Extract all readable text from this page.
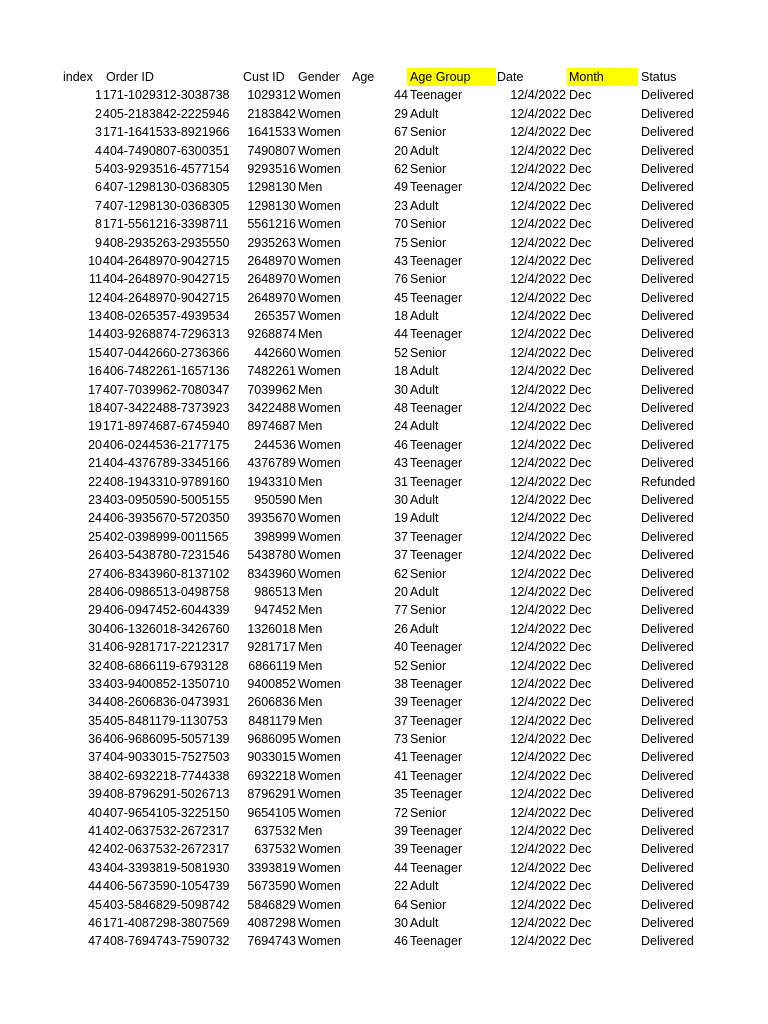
index	Order ID	Cust ID	Gender Age	Age Group	Date	Month	Status
1 171-1029312-3038738	1029312 Women	44 Teenager	12/4/2022 Dec	Delivered
2 405-2183842-2225946	2183842 Women	29 Adult	12/4/2022 Dec	Delivered
3 171-1641533-8921966	1641533 Women	67 Senior	12/4/2022 Dec	Delivered
4 404-7490807-6300351	7490807 Women	20 Adult	12/4/2022 Dec	Delivered
5 403-9293516-4577154	9293516 Women	62 Senior	12/4/2022 Dec	Delivered
6 407-1298130-0368305	1298130 Men	49 Teenager	12/4/2022 Dec	Delivered
7 407-1298130-0368305	1298130 Women	23 Adult	12/4/2022 Dec	Delivered
8 171-5561216-3398711	5561216 Women	70 Senior	12/4/2022 Dec	Delivered
9 408-2935263-2935550	2935263 Women	75 Senior	12/4/2022 Dec	Delivered
10 404-2648970-9042715	2648970 Women	43 Teenager	12/4/2022 Dec	Delivered
11 404-2648970-9042715	2648970 Women	76 Senior	12/4/2022 Dec	Delivered
12 404-2648970-9042715	2648970 Women	45 Teenager	12/4/2022 Dec	Delivered
13 408-0265357-4939534	265357 Women	18 Adult	12/4/2022 Dec	Delivered
14 403-9268874-7296313	9268874 Men	44 Teenager	12/4/2022 Dec	Delivered
15 407-0442660-2736366	442660 Women	52 Senior	12/4/2022 Dec	Delivered
16 406-7482261-1657136	7482261 Women	18 Adult	12/4/2022 Dec	Delivered
17 407-7039962-7080347	7039962 Men	30 Adult	12/4/2022 Dec	Delivered
18 407-3422488-7373923	3422488 Women	48 Teenager	12/4/2022 Dec	Delivered
19 171-8974687-6745940	8974687 Men	24 Adult	12/4/2022 Dec	Delivered
20 406-0244536-2177175	244536 Women	46 Teenager	12/4/2022 Dec	Delivered
21 404-4376789-3345166	4376789 Women	43 Teenager	12/4/2022 Dec	Delivered
22 408-1943310-9789160	1943310 Men	31 Teenager	12/4/2022 Dec	Refunded
23 403-0950590-5005155	950590 Men	30 Adult	12/4/2022 Dec	Delivered
24 406-3935670-5720350	3935670 Women	19 Adult	12/4/2022 Dec	Delivered
25 402-0398999-0011565	398999 Women	37 Teenager	12/4/2022 Dec	Delivered
26 403-5438780-7231546	5438780 Women	37 Teenager	12/4/2022 Dec	Delivered
27 406-8343960-8137102	8343960 Women	62 Senior	12/4/2022 Dec	Delivered
28 406-0986513-0498758	986513 Men	20 Adult	12/4/2022 Dec	Delivered
29 406-0947452-6044339	947452 Men	77 Senior	12/4/2022 Dec	Delivered
30 406-1326018-3426760	1326018 Men	26 Adult	12/4/2022 Dec	Delivered
31 406-9281717-2212317	9281717 Men	40 Teenager	12/4/2022 Dec	Delivered
32 408-6866119-6793128	6866119 Men	52 Senior	12/4/2022 Dec	Delivered
33 403-9400852-1350710	9400852 Women	38 Teenager	12/4/2022 Dec	Delivered
34 408-2606836-0473931	2606836 Men	39 Teenager	12/4/2022 Dec	Delivered
35 405-8481179-1130753	8481179 Men	37 Teenager	12/4/2022 Dec	Delivered
36 406-9686095-5057139	9686095 Women	73 Senior	12/4/2022 Dec	Delivered
37 404-9033015-7527503	9033015 Women	41 Teenager	12/4/2022 Dec	Delivered
38 402-6932218-7744338	6932218 Women	41 Teenager	12/4/2022 Dec	Delivered
39 408-8796291-5026713	8796291 Women	35 Teenager	12/4/2022 Dec	Delivered
40 407-9654105-3225150	9654105 Women	72 Senior	12/4/2022 Dec	Delivered
41 402-0637532-2672317	637532 Men	39 Teenager	12/4/2022 Dec	Delivered
42 402-0637532-2672317	637532 Women	39 Teenager	12/4/2022 Dec	Delivered
43 404-3393819-5081930	3393819 Women	44 Teenager	12/4/2022 Dec	Delivered
44 406-5673590-1054739	5673590 Women	22 Adult	12/4/2022 Dec	Delivered
45 403-5846829-5098742	5846829 Women	64 Senior	12/4/2022 Dec	Delivered
46 171-4087298-3807569	4087298 Women	30 Adult	12/4/2022 Dec	Delivered
47 408-7694743-7590732	7694743 Women	46 Teenager	12/4/2022 Dec	Delivered
